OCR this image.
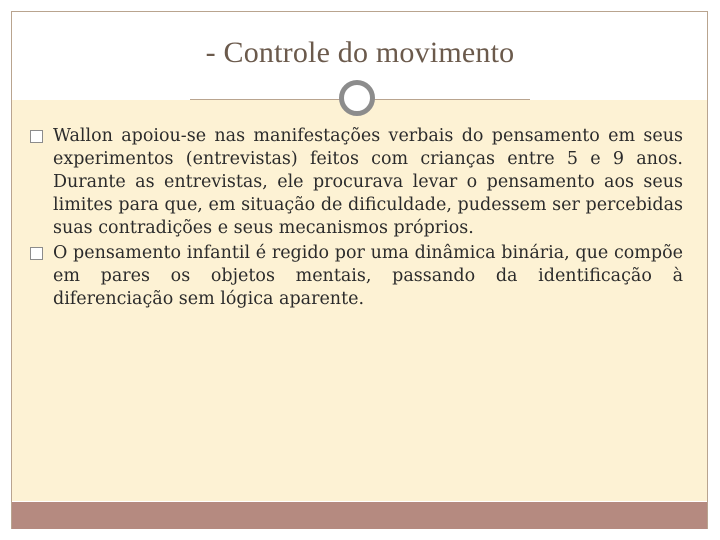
- Controle do movimento
Wallon apoiou-se nas manifestações verbais do pensamento em seus experimentos (entrevistas) feitos com crianças entre 5 e 9 anos. Durante as entrevistas, ele procurava levar o pensamento aos seus limites para que, em situação de dificuldade, pudessem ser percebidas suas contradições e seus mecanismos próprios.
O pensamento infantil é regido por uma dinâmica binária, que compõe em pares os objetos mentais, passando da identificação à diferenciação sem lógica aparente.
